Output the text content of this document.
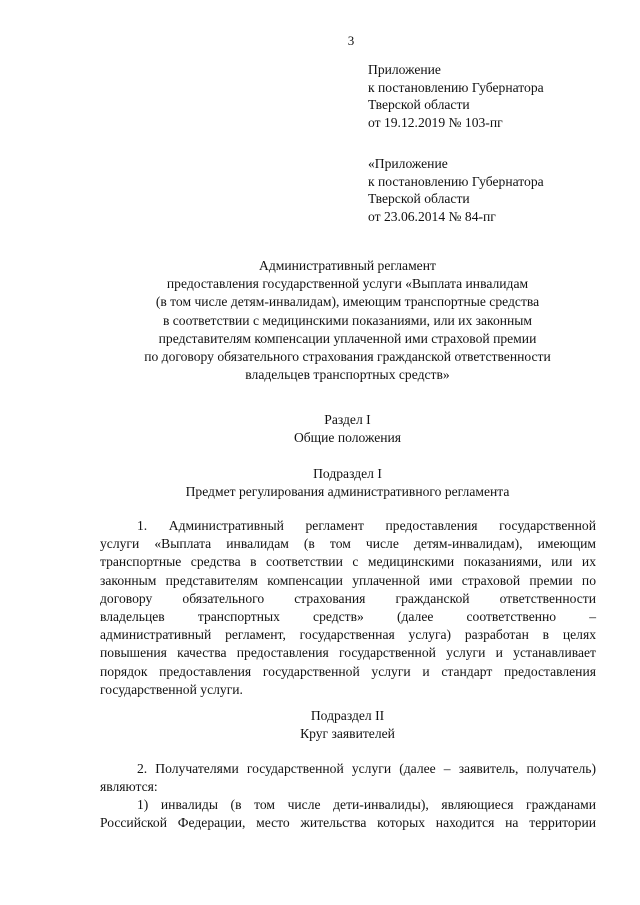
3
Приложение
к постановлению Губернатора
Тверской области
от 19.12.2019 № 103-пг
«Приложение
к постановлению Губернатора
Тверской области
от 23.06.2014 № 84-пг
Административный регламент
предоставления государственной услуги «Выплата инвалидам
(в том числе детям-инвалидам), имеющим транспортные средства
в соответствии с медицинскими показаниями, или их законным
представителям компенсации уплаченной ими страховой премии
по договору обязательного страхования гражданской ответственности
владельцев транспортных средств»
Раздел I
Общие положения
Подраздел I
Предмет регулирования административного регламента
1. Административный регламент предоставления государственной
услуги «Выплата инвалидам (в том числе детям-инвалидам), имеющим
транспортные средства в соответствии с медицинскими показаниями, или их
законным представителям компенсации уплаченной ими страховой премии по
договору обязательного страхования гражданской ответственности
владельцев транспортных средств» (далее соответственно –
административный регламент, государственная услуга) разработан в целях
повышения качества предоставления государственной услуги и устанавливает
порядок предоставления государственной услуги и стандарт предоставления
государственной услуги.
Подраздел II
Круг заявителей
2. Получателями государственной услуги (далее – заявитель, получатель)
являются:
1) инвалиды (в том числе дети-инвалиды), являющиеся гражданами
Российской Федерации, место жительства которых находится на территории
